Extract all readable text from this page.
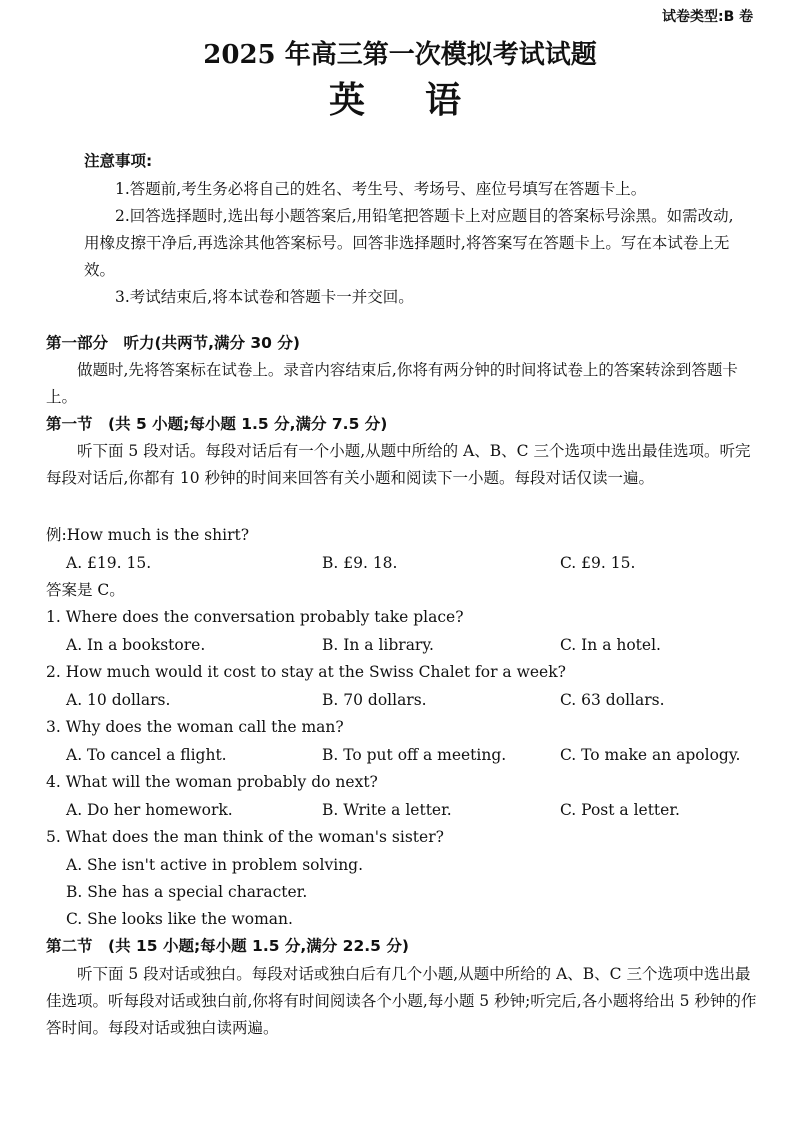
试卷类型:B 卷
2025 年高三第一次模拟考试试题
英语
注意事项:
1.答题前,考生务必将自己的姓名、考生号、考场号、座位号填写在答题卡上。
2.回答选择题时,选出每小题答案后,用铅笔把答题卡上对应题目的答案标号涂黑。如需改动,用橡皮擦干净后,再选涂其他答案标号。回答非选择题时,将答案写在答题卡上。写在本试卷上无效。
3.考试结束后,将本试卷和答题卡一并交回。
第一部分　听力(共两节,满分 30 分)
做题时,先将答案标在试卷上。录音内容结束后,你将有两分钟的时间将试卷上的答案转涂到答题卡上。
第一节　(共 5 小题;每小题 1.5 分,满分 7.5 分)
听下面 5 段对话。每段对话后有一个小题,从题中所给的 A、B、C 三个选项中选出最佳选项。听完每段对话后,你都有 10 秒钟的时间来回答有关小题和阅读下一小题。每段对话仅读一遍。
例:How much is the shirt?
A. £19. 15.	B. £9. 18.	C. £9. 15.
答案是 C。
1. Where does the conversation probably take place?
A. In a bookstore.	B. In a library.	C. In a hotel.
2. How much would it cost to stay at the Swiss Chalet for a week?
A. 10 dollars.	B. 70 dollars.	C. 63 dollars.
3. Why does the woman call the man?
A. To cancel a flight.	B. To put off a meeting.	C. To make an apology.
4. What will the woman probably do next?
A. Do her homework.	B. Write a letter.	C. Post a letter.
5. What does the man think of the woman's sister?
A. She isn't active in problem solving.
B. She has a special character.
C. She looks like the woman.
第二节　(共 15 小题;每小题 1.5 分,满分 22.5 分)
听下面 5 段对话或独白。每段对话或独白后有几个小题,从题中所给的 A、B、C 三个选项中选出最佳选项。听每段对话或独白前,你将有时间阅读各个小题,每小题 5 秒钟;听完后,各小题将给出 5 秒钟的作答时间。每段对话或独白读两遍。
